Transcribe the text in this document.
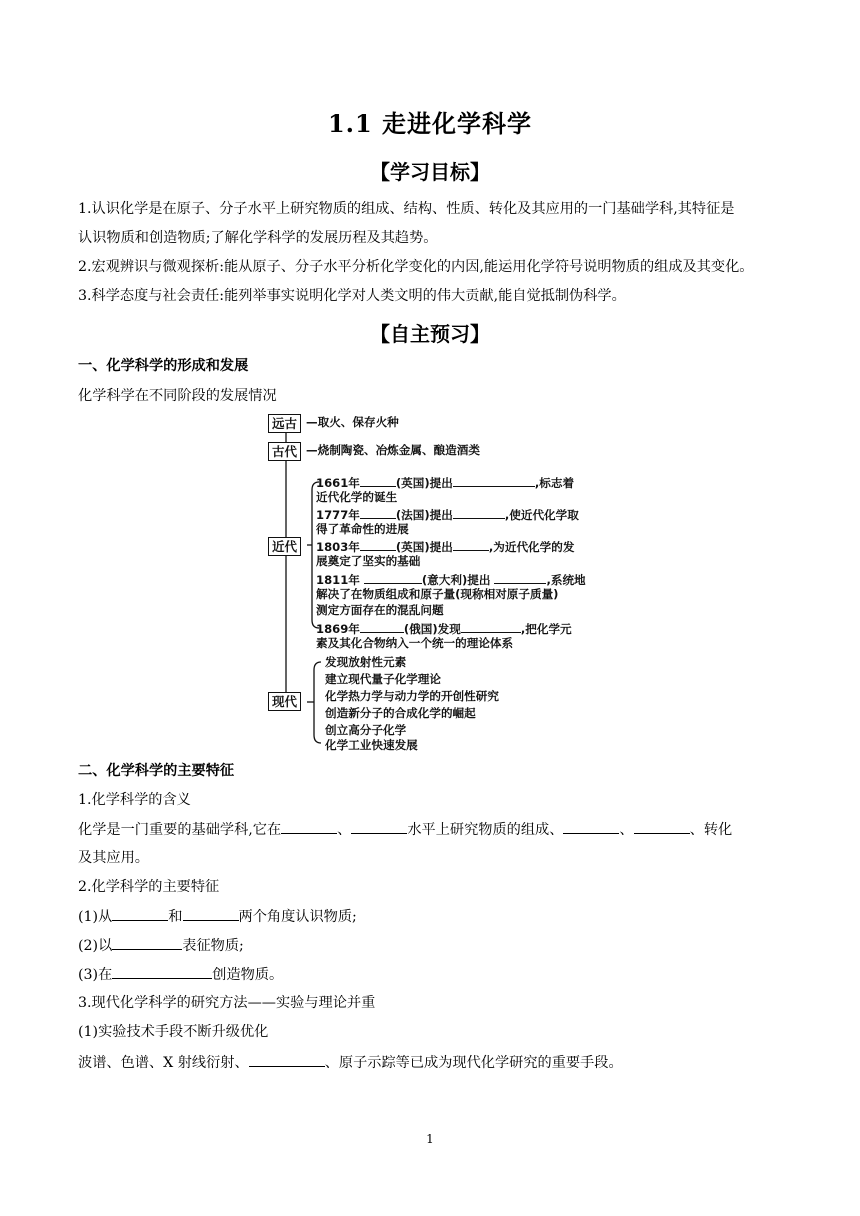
1.1 走进化学科学
【学习目标】
1.认识化学是在原子、分子水平上研究物质的组成、结构、性质、转化及其应用的一门基础学科,其特征是
认识物质和创造物质;了解化学科学的发展历程及其趋势。
2.宏观辨识与微观探析:能从原子、分子水平分析化学变化的内因,能运用化学符号说明物质的组成及其变化。
3.科学态度与社会责任:能列举事实说明化学对人类文明的伟大贡献,能自觉抵制伪科学。
【自主预习】
一、化学科学的形成和发展
化学科学在不同阶段的发展情况
远古 —取火、保存火种
古代 —烧制陶瓷、冶炼金属、酿造酒类
近代
1661年	(英国)提出	,标志着
近代化学的诞生
1777年	(法国)提出	,使近代化学取
得了革命性的进展
1803年	(英国)提出	,为近代化学的发
展奠定了坚实的基础
1811年	(意大利)提出	,系统地
解决了在物质组成和原子量(现称相对原子质量)
测定方面存在的混乱问题
1869年	(俄国)发现	,把化学元
素及其化合物纳入一个统一的理论体系
现代
发现放射性元素
建立现代量子化学理论
化学热力学与动力学的开创性研究
创造新分子的合成化学的崛起
创立高分子化学
化学工业快速发展
二、化学科学的主要特征
1.化学科学的含义
化学是一门重要的基础学科,它在	、	水平上研究物质的组成、	、	、转化
及其应用。
2.化学科学的主要特征
(1)从	和	两个角度认识物质;
(2)以	表征物质;
(3)在	创造物质。
3.现代化学科学的研究方法——实验与理论并重
(1)实验技术手段不断升级优化
波谱、色谱、X 射线衍射、	、原子示踪等已成为现代化学研究的重要手段。
1
